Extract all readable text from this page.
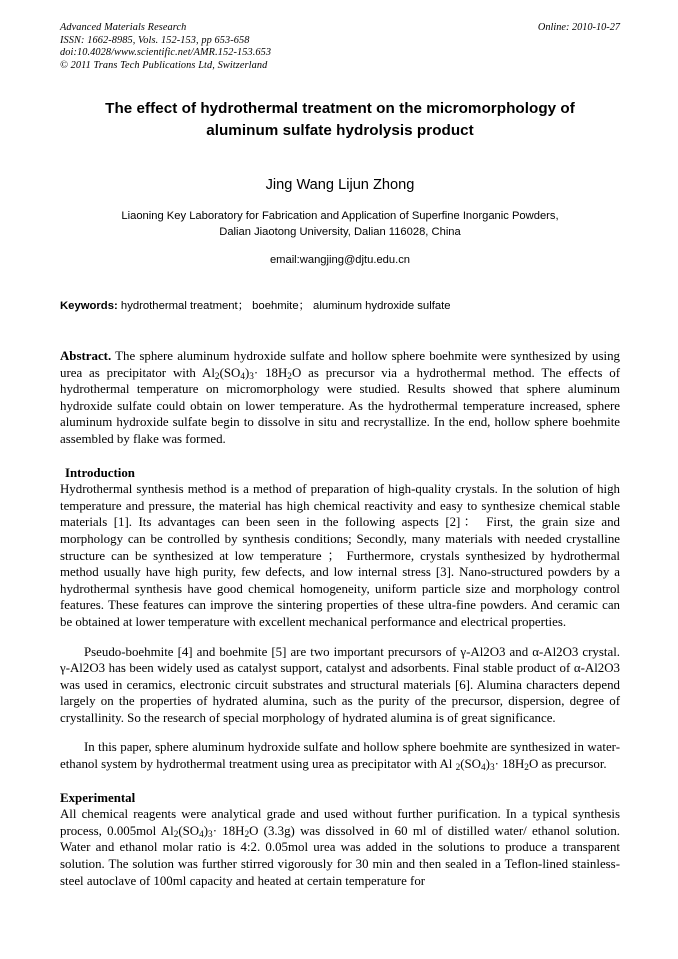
Advanced Materials Research
ISSN: 1662-8985, Vols. 152-153, pp 653-658
doi:10.4028/www.scientific.net/AMR.152-153.653
© 2011 Trans Tech Publications Ltd, Switzerland
Online: 2010-10-27
The effect of hydrothermal treatment on the micromorphology of aluminum sulfate hydrolysis product
Jing Wang Lijun Zhong
Liaoning Key Laboratory for Fabrication and Application of Superfine Inorganic Powders,
Dalian Jiaotong University, Dalian 116028, China
email:wangjing@djtu.edu.cn
Keywords: hydrothermal treatment； boehmite； aluminum hydroxide sulfate

Abstract. The sphere aluminum hydroxide sulfate and hollow sphere boehmite were synthesized by using urea as precipitator with $Al_2(SO_4)_3\cdot 18H_2O$ as precursor via a hydrothermal method. The effects of hydrothermal temperature on micromorphology were studied. Results showed that sphere aluminum hydroxide sulfate could obtain on lower temperature. As the hydrothermal temperature increased, sphere aluminum hydroxide sulfate begin to dissolve in situ and recrystallize. In the end, hollow sphere boehmite assembled by flake was formed.

Introduction

Hydrothermal synthesis method is a method of preparation of high-quality crystals. In the solution of high temperature and pressure, the material has high chemical reactivity and easy to synthesize chemical stable materials [1]. Its advantages can been seen in the following aspects [2]： First, the grain size and morphology can be controlled by synthesis conditions; Secondly, many materials with needed crystalline structure can be synthesized at low temperature ； Furthermore, crystals synthesized by hydrothermal method usually have high purity, few defects, and low internal stress [3]. Nano-structured powders by a hydrothermal synthesis have good chemical homogeneity, uniform particle size and morphology control features. These features can improve the sintering properties of these ultra-fine powders. And ceramic can be obtained at lower temperature with excellent mechanical performance and electrical properties.

Pseudo-boehmite [4] and boehmite [5] are two important precursors of γ-Al2O3 and α-Al2O3 crystal. γ-Al2O3 has been widely used as catalyst support, catalyst and adsorbents. Final stable product of α-Al2O3 was used in ceramics, electronic circuit substrates and structural materials [6]. Alumina characters depend largely on the properties of hydrated alumina, such as the purity of the precursor, dispersion, degree of crystallinity. So the research of special morphology of hydrated alumina is of great significance.

In this paper, sphere aluminum hydroxide sulfate and hollow sphere boehmite are synthesized in water-ethanol system by hydrothermal treatment using urea as precipitator with Al $_2(SO_4)_3\cdot 18H_2O$ as precursor.

Experimental

All chemical reagents were analytical grade and used without further purification. In a typical synthesis process, 0.005mol $Al_2(SO_4)_3\cdot 18H_2O$ (3.3g) was dissolved in 60 ml of distilled water/ ethanol solution. Water and ethanol molar ratio is 4:2. 0.05mol urea was added in the solutions to produce a transparent solution. The solution was further stirred vigorously for 30 min and then sealed in a Teflon-lined stainless-steel autoclave of 100ml capacity and heated at certain temperature for
